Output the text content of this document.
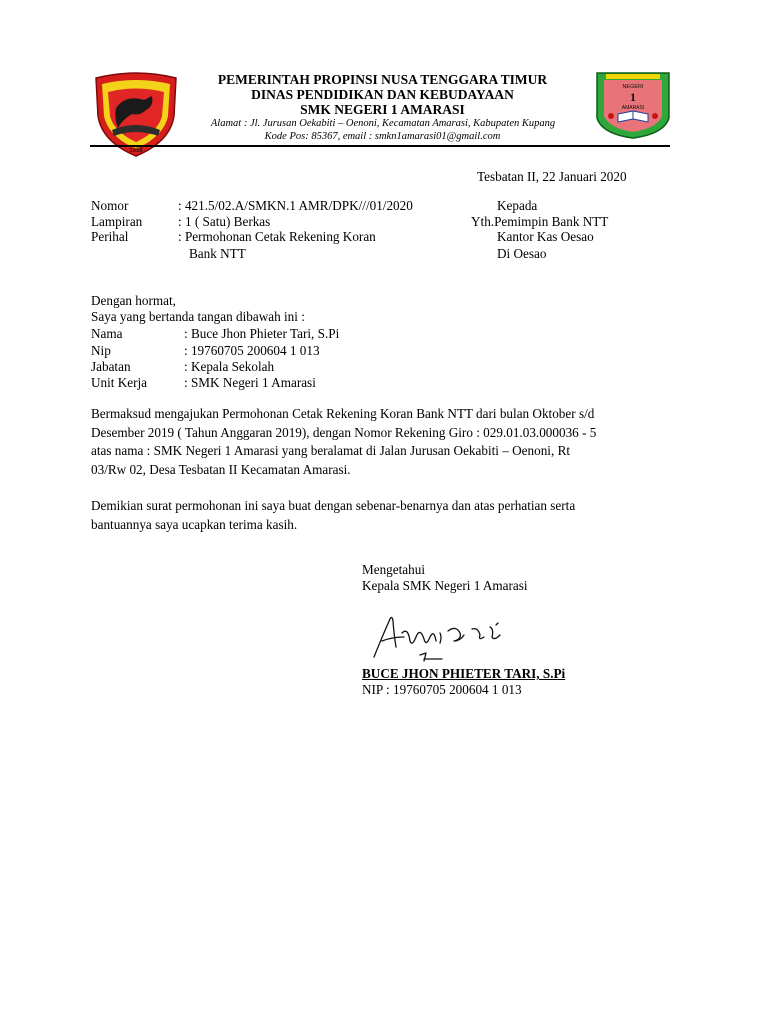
1958
PEMERINTAH PROPINSI NUSA TENGGARA TIMUR
DINAS PENDIDIKAN DAN KEBUDAYAAN
SMK NEGERI 1 AMARASI
Alamat : Jl. Jurusan Oekabiti – Oenoni, Kecamatan Amarasi, Kabupaten Kupang
Kode Pos: 85367, email : smkn1amarasi01@gmail.com
NEGERI
1
AMARASI
Tesbatan II, 22 Januari 2020
Nomor	: 421.5/02.A/SMKN.1 AMR/DPK///01/2020
Lampiran	: 1 ( Satu) Berkas
Perihal	: Permohonan Cetak Rekening Koran
Bank NTT
Kepada
Yth.Pemimpin Bank NTT
Kantor Kas Oesao
Di Oesao
Dengan hormat,
Saya yang bertanda tangan dibawah ini :
Nama	: Buce Jhon Phieter Tari, S.Pi
Nip	: 19760705 200604 1 013
Jabatan	: Kepala Sekolah
Unit Kerja	: SMK Negeri 1 Amarasi

Bermaksud mengajukan Permohonan Cetak Rekening Koran Bank NTT dari bulan Oktober s/d

Desember 2019 ( Tahun Anggaran 2019), dengan Nomor Rekening Giro : 029.01.03.000036 - 5

atas nama : SMK Negeri 1 Amarasi yang beralamat di Jalan Jurusan Oekabiti – Oenoni, Rt

03/Rw 02, Desa Tesbatan II Kecamatan Amarasi.

Demikian surat permohonan ini saya buat dengan sebenar-benarnya dan atas perhatian serta

bantuannya saya ucapkan terima kasih.

Mengetahui
Kepala SMK Negeri 1 Amarasi
BUCE JHON PHIETER TARI, S.Pi
NIP : 19760705 200604 1 013
